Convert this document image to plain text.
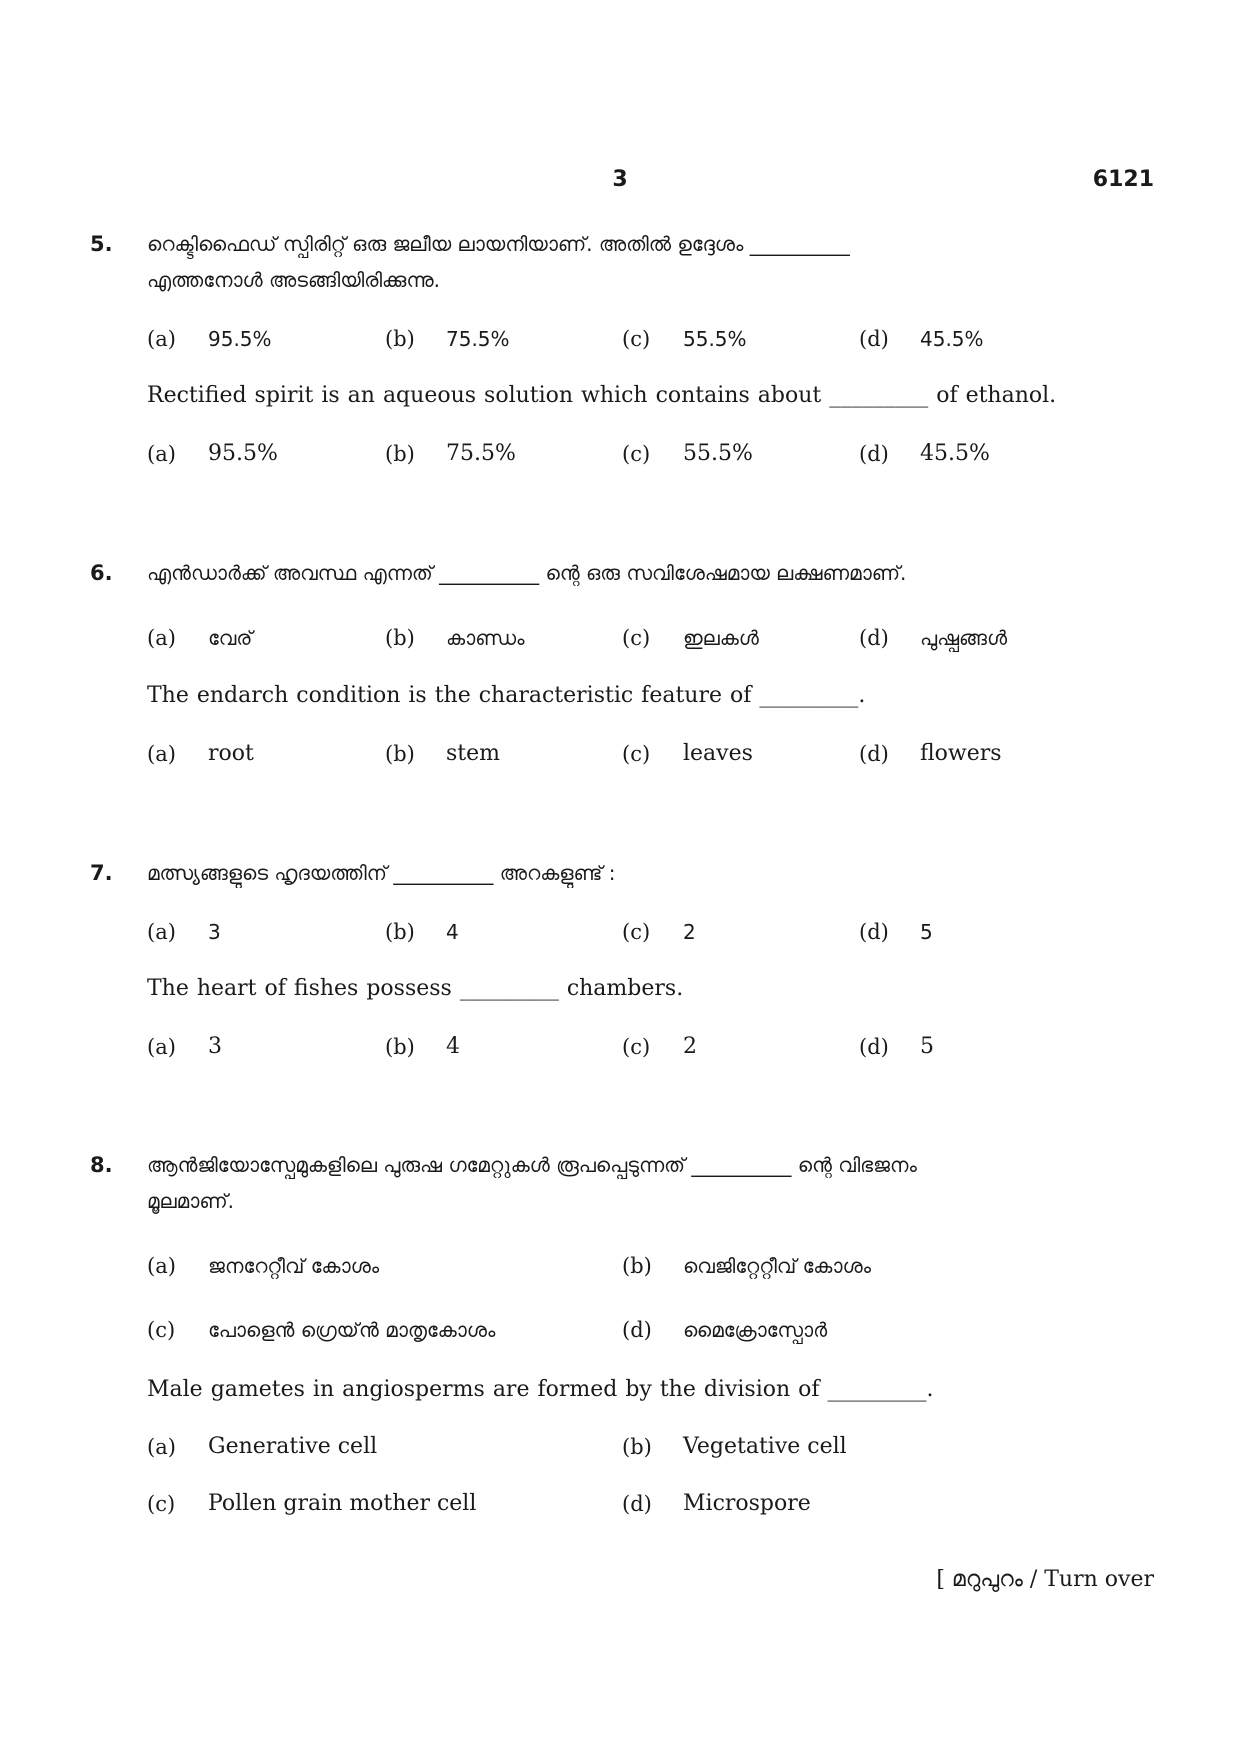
3	6121
5. റെക്ടിഫൈഡ് സ്പിരിറ്റ് ഒരു ജലീയ ലായനിയാണ്. അതിൽ ഉദ്ദേശം __________
എത്തനോൾ അടങ്ങിയിരിക്കുന്നു.
(a) 95.5%	(b) 75.5%	(c) 55.5%	(d) 45.5%
Rectified spirit is an aqueous solution which contains about _________ of ethanol.
(a) 95.5%	(b) 75.5%	(c) 55.5%	(d) 45.5%
6. എൻഡാർക്ക് അവസ്ഥ എന്നത് __________ ന്റെ ഒരു സവിശേഷമായ ലക്ഷണമാണ്.
(a) വേര്	(b) കാണ്ഡം	(c) ഇലകൾ	(d) പുഷ്പങ്ങൾ
The endarch condition is the characteristic feature of _________.
(a) root	(b) stem	(c) leaves	(d) flowers
7. മത്സ്യങ്ങളുടെ ഹൃദയത്തിന് __________ അറകളുണ്ട് :
(a) 3	(b) 4	(c) 2	(d) 5
The heart of fishes possess _________ chambers.
(a) 3	(b) 4	(c) 2	(d) 5
8. ആൻജിയോസ്പേമുകളിലെ പുരുഷ ഗമേറ്റുകൾ രൂപപ്പെടുന്നത് __________ ന്റെ വിഭജനം
മൂലമാണ്.
(a) ജനറേറ്റീവ് കോശം	(b) വെജിറ്റേറ്റീവ് കോശം
(c) പോളെൻ ഗ്രെയ്ൻ മാതൃകോശം	(d) മൈക്രോസ്പോർ
Male gametes in angiosperms are formed by the division of _________.
(a) Generative cell	(b) Vegetative cell
(c) Pollen grain mother cell	(d) Microspore
[ മറുപുറം / Turn over
